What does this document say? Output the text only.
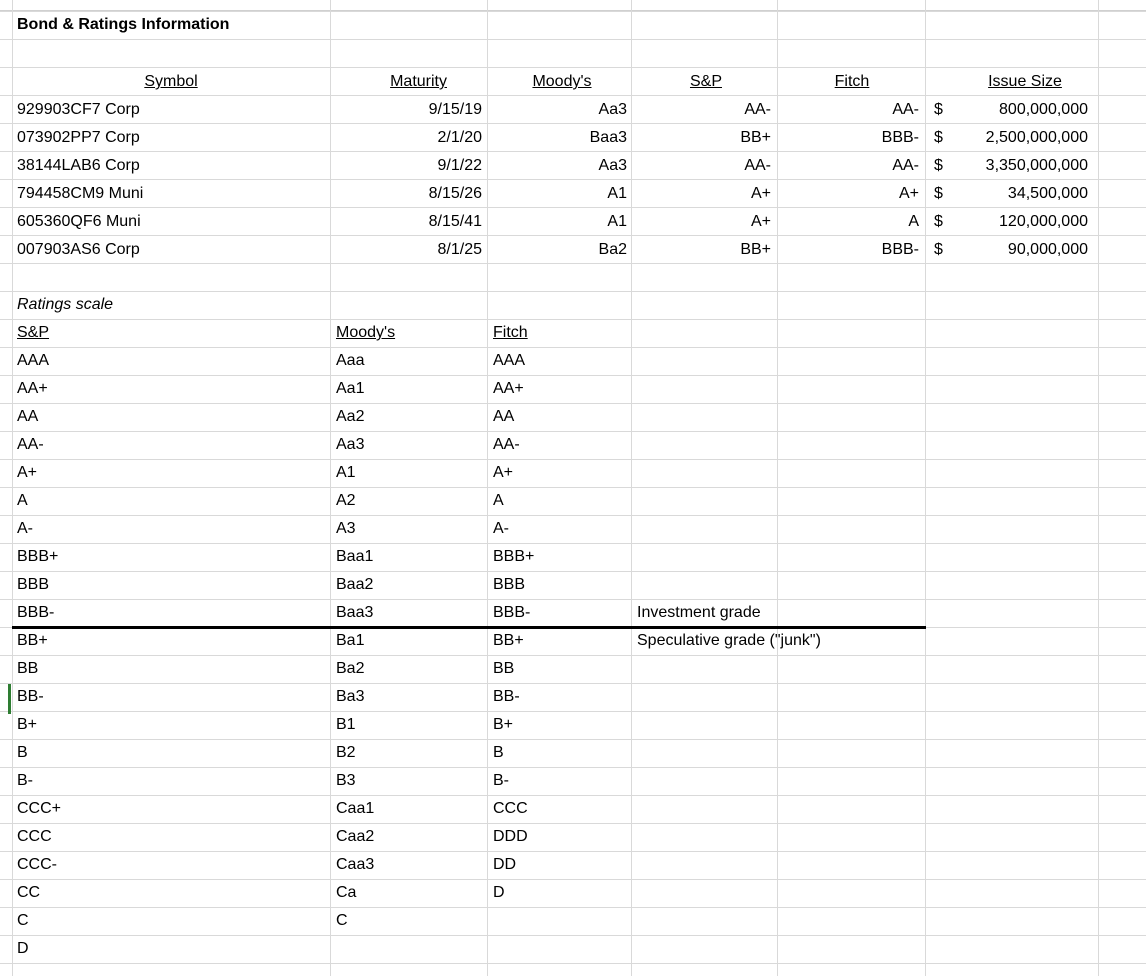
Bond & Ratings Information
Symbol	Maturity	Moody's	S&P	Fitch	Issue Size
929903CF7 Corp	9/15/19	Aa3	AA-	AA- $	800,000,000
073902PP7 Corp	2/1/20	Baa3	BB+	BBB- $	2,500,000,000
38144LAB6 Corp	9/1/22	Aa3	AA-	AA- $	3,350,000,000
794458CM9 Muni	8/15/26	A1	A+	A+ $	34,500,000
605360QF6 Muni	8/15/41	A1	A+	A $	120,000,000
007903AS6 Corp	8/1/25	Ba2	BB+	BBB- $	90,000,000
Ratings scale
S&P	Moody's	Fitch
AAA	Aaa	AAA
AA+	Aa1	AA+
AA	Aa2	AA
AA-	Aa3	AA-
A+	A1	A+
A	A2	A
A-	A3	A-
BBB+	Baa1	BBB+
BBB	Baa2	BBB
BBB-	Baa3	BBB-	Investment grade
BB+	Ba1	BB+	Speculative grade ("junk")
BB	Ba2	BB
BB-	Ba3	BB-
B+	B1	B+
B	B2	B
B-	B3	B-
CCC+	Caa1	CCC
CCC	Caa2	DDD
CCC-	Caa3	DD
CC	Ca	D
C	C
D
